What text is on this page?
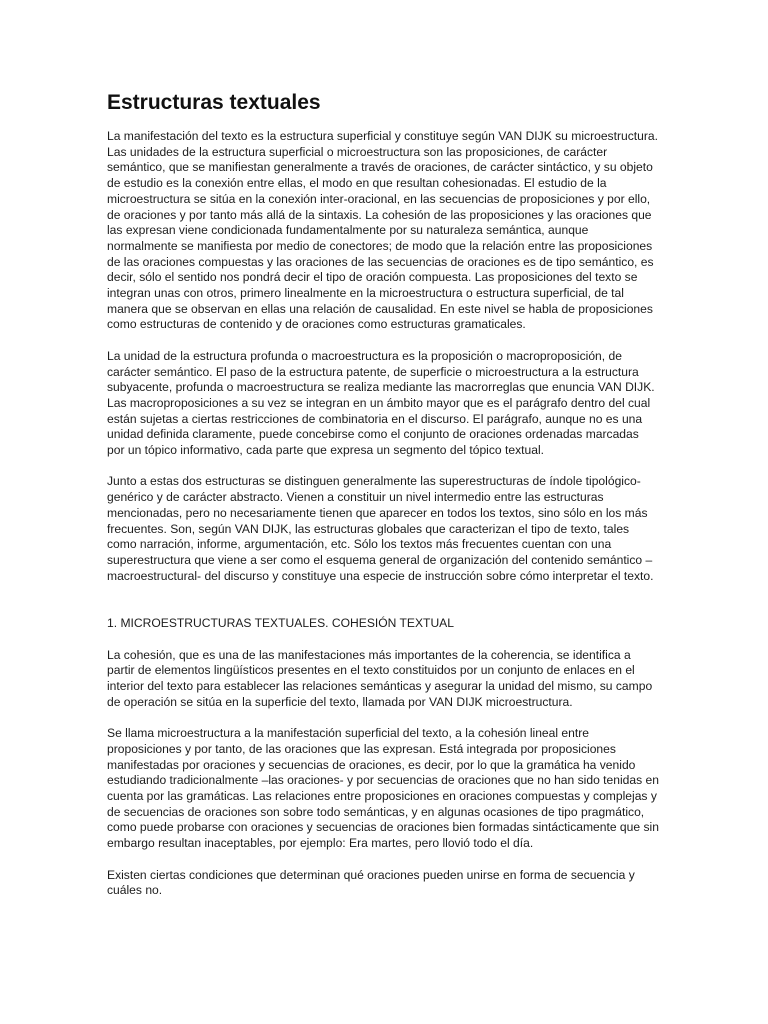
Estructuras textuales

La manifestación del texto es la estructura superficial y constituye según VAN DIJK su microestructura. Las unidades de la estructura superficial o microestructura son las proposiciones, de carácter semántico, que se manifiestan generalmente a través de oraciones, de carácter sintáctico, y su objeto de estudio es la conexión entre ellas, el modo en que resultan cohesionadas. El estudio de la microestructura se sitúa en la conexión inter-oracional, en las secuencias de proposiciones y por ello, de oraciones y por tanto más allá de la sintaxis. La cohesión de las proposiciones y las oraciones que las expresan viene condicionada fundamentalmente por su naturaleza semántica, aunque normalmente se manifiesta por medio de conectores; de modo que la relación entre las proposiciones de las oraciones compuestas y las oraciones de las secuencias de oraciones es de tipo semántico, es decir, sólo el sentido nos pondrá decir el tipo de oración compuesta. Las proposiciones del texto se integran unas con otros, primero linealmente en la microestructura o estructura superficial, de tal manera que se observan en ellas una relación de causalidad. En este nivel se habla de proposiciones como estructuras de contenido y de oraciones como estructuras gramaticales.

La unidad de la estructura profunda o macroestructura es la proposición o macroproposición, de carácter semántico. El paso de la estructura patente, de superficie o microestructura a la estructura subyacente, profunda o macroestructura se realiza mediante las macrorreglas que enuncia VAN DIJK. Las macroproposiciones a su vez se integran en un ámbito mayor que es el parágrafo dentro del cual están sujetas a ciertas restricciones de combinatoria en el discurso. El parágrafo, aunque no es una unidad definida claramente, puede concebirse como el conjunto de oraciones ordenadas marcadas por un tópico informativo, cada parte que expresa un segmento del tópico textual.

Junto a estas dos estructuras se distinguen generalmente las superestructuras de índole tipológico-genérico y de carácter abstracto. Vienen a constituir un nivel intermedio entre las estructuras mencionadas, pero no necesariamente tienen que aparecer en todos los textos, sino sólo en los más frecuentes. Son, según VAN DIJK, las estructuras globales que caracterizan el tipo de texto, tales como narración, informe, argumentación, etc. Sólo los textos más frecuentes cuentan con una superestructura que viene a ser como el esquema general de organización del contenido semántico –macroestructural- del discurso y constituye una especie de instrucción sobre cómo interpretar el texto.

1. MICROESTRUCTURAS TEXTUALES. COHESIÓN TEXTUAL

La cohesión, que es una de las manifestaciones más importantes de la coherencia, se identifica a partir de elementos lingüísticos presentes en el texto constituidos por un conjunto de enlaces en el interior del texto para establecer las relaciones semánticas y asegurar la unidad del mismo, su campo de operación se sitúa en la superficie del texto, llamada por VAN DIJK microestructura.

Se llama microestructura a la manifestación superficial del texto, a la cohesión lineal entre proposiciones y por tanto, de las oraciones que las expresan. Está integrada por proposiciones manifestadas por oraciones y secuencias de oraciones, es decir, por lo que la gramática ha venido estudiando tradicionalmente –las oraciones- y por secuencias de oraciones que no han sido tenidas en cuenta por las gramáticas. Las relaciones entre proposiciones en oraciones compuestas y complejas y de secuencias de oraciones son sobre todo semánticas, y en algunas ocasiones de tipo pragmático, como puede probarse con oraciones y secuencias de oraciones bien formadas sintácticamente que sin embargo resultan inaceptables, por ejemplo: Era martes, pero llovió todo el día.

Existen ciertas condiciones que determinan qué oraciones pueden unirse en forma de secuencia y cuáles no.
